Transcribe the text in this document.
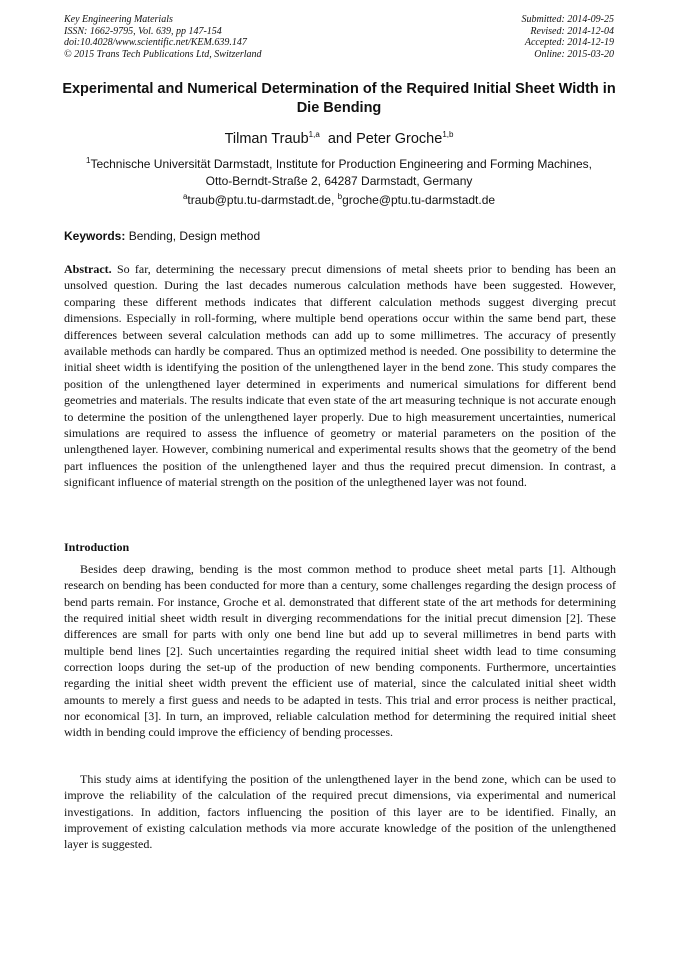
Key Engineering Materials
ISSN: 1662-9795, Vol. 639, pp 147-154
doi:10.4028/www.scientific.net/KEM.639.147
© 2015 Trans Tech Publications Ltd, Switzerland
Submitted: 2014-09-25
Revised: 2014-12-04
Accepted: 2014-12-19
Online: 2015-03-20
Experimental and Numerical Determination of the Required Initial Sheet Width in Die Bending
Tilman Traub$^{1,a}$ and Peter Groche$^{1,b}$
$^1$Technische Universität Darmstadt, Institute for Production Engineering and Forming Machines,
Otto-Berndt-Straße 2, 64287 Darmstadt, Germany
$^a$traub@ptu.tu-darmstadt.de, $^b$groche@ptu.tu-darmstadt.de
Keywords: Bending, Design method

Abstract. So far, determining the necessary precut dimensions of metal sheets prior to bending has been an unsolved question. During the last decades numerous calculation methods have been suggested. However, comparing these different methods indicates that different calculation methods suggest diverging precut dimensions. Especially in roll-forming, where multiple bend operations occur within the same bend part, these differences between several calculation methods can add up to some millimetres. The accuracy of presently available methods can hardly be compared. Thus an optimized method is needed. One possibility to determine the initial sheet width is identifying the position of the unlengthened layer in the bend zone. This study compares the position of the unlengthened layer determined in experiments and numerical simulations for different bend geometries and materials. The results indicate that even state of the art measuring technique is not accurate enough to determine the position of the unlengthened layer properly. Due to high measurement uncertainties, numerical simulations are required to assess the influence of geometry or material parameters on the position of the unlengthened layer. However, combining numerical and experimental results shows that the geometry of the bend part influences the position of the unlengthened layer and thus the required precut dimension. In contrast, a significant influence of material strength on the position of the unlegthened layer was not found.

Introduction

Besides deep drawing, bending is the most common method to produce sheet metal parts [1]. Although research on bending has been conducted for more than a century, some challenges regarding the design process of bend parts remain. For instance, Groche et al. demonstrated that different state of the art methods for determining the required initial sheet width result in diverging recommendations for the initial precut dimension [2]. These differences are small for parts with only one bend line but add up to several millimetres in bend parts with multiple bend lines [2]. Such uncertainties regarding the required initial sheet width lead to time consuming correction loops during the set-up of the production of new bending components. Furthermore, uncertainties regarding the initial sheet width prevent the efficient use of material, since the calculated initial sheet width amounts to merely a first guess and needs to be adapted in tests. This trial and error process is neither practical, nor economical [3]. In turn, an improved, reliable calculation method for determining the required initial sheet width in bending could improve the efficiency of bending processes.

This study aims at identifying the position of the unlengthened layer in the bend zone, which can be used to improve the reliability of the calculation of the required precut dimensions, via experimental and numerical investigations. In addition, factors influencing the position of this layer are to be identified. Finally, an improvement of existing calculation methods via more accurate knowledge of the position of the unlengthened layer is suggested.
